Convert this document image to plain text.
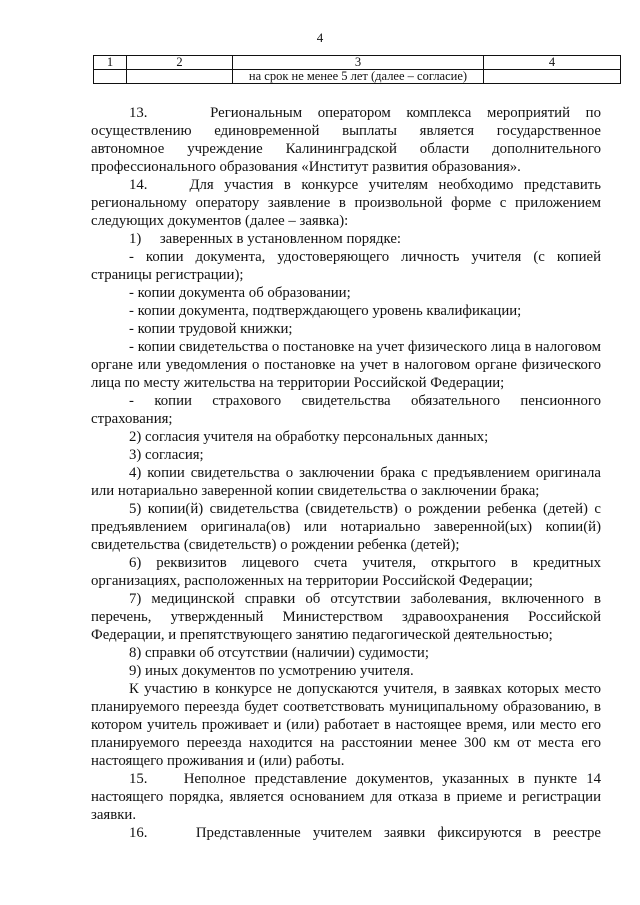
4
1	2	3	4
		на срок не менее 5 лет (далее – согласие)	

13.    Региональным оператором комплекса мероприятий по осуществлению единовременной выплаты является государственное автономное учреждение Калининградской области дополнительного профессионального образования «Институт развития образования».

14.    Для участия в конкурсе учителям необходимо представить региональному оператору заявление в произвольной форме с приложением следующих документов (далее – заявка):

1)     заверенных в установленном порядке:

- копии документа, удостоверяющего личность учителя (с копией страницы регистрации);

- копии документа об образовании;

- копии документа, подтверждающего уровень квалификации;

- копии трудовой книжки;

- копии свидетельства о постановке на учет физического лица в налоговом органе или уведомления о постановке на учет в налоговом органе физического лица по месту жительства на территории Российской Федерации;

- копии страхового свидетельства обязательного пенсионного страхования;

2) согласия учителя на обработку персональных данных;

3) согласия;

4) копии свидетельства о заключении брака с предъявлением оригинала или нотариально заверенной копии свидетельства о заключении брака;

5) копии(й) свидетельства (свидетельств) о рождении ребенка (детей) с предъявлением оригинала(ов) или нотариально заверенной(ых) копии(й) свидетельства (свидетельств) о рождении ребенка (детей);

6) реквизитов лицевого счета учителя, открытого в кредитных организациях, расположенных на территории Российской Федерации;

7) медицинской справки об отсутствии заболевания, включенного в перечень, утвержденный Министерством здравоохранения Российской Федерации, и препятствующего занятию педагогической деятельностью;

8) справки об отсутствии (наличии) судимости;

9) иных документов по усмотрению учителя.

К участию в конкурсе не допускаются учителя, в заявках которых место планируемого переезда будет соответствовать муниципальному образованию, в котором учитель проживает и (или) работает в настоящее время, или место его планируемого переезда находится на расстоянии менее 300 км от места его настоящего проживания и (или) работы.

15.    Неполное представление документов, указанных в пункте 14 настоящего порядка, является основанием для отказа в приеме и регистрации заявки.

16.    Представленные учителем заявки фиксируются в реестре
